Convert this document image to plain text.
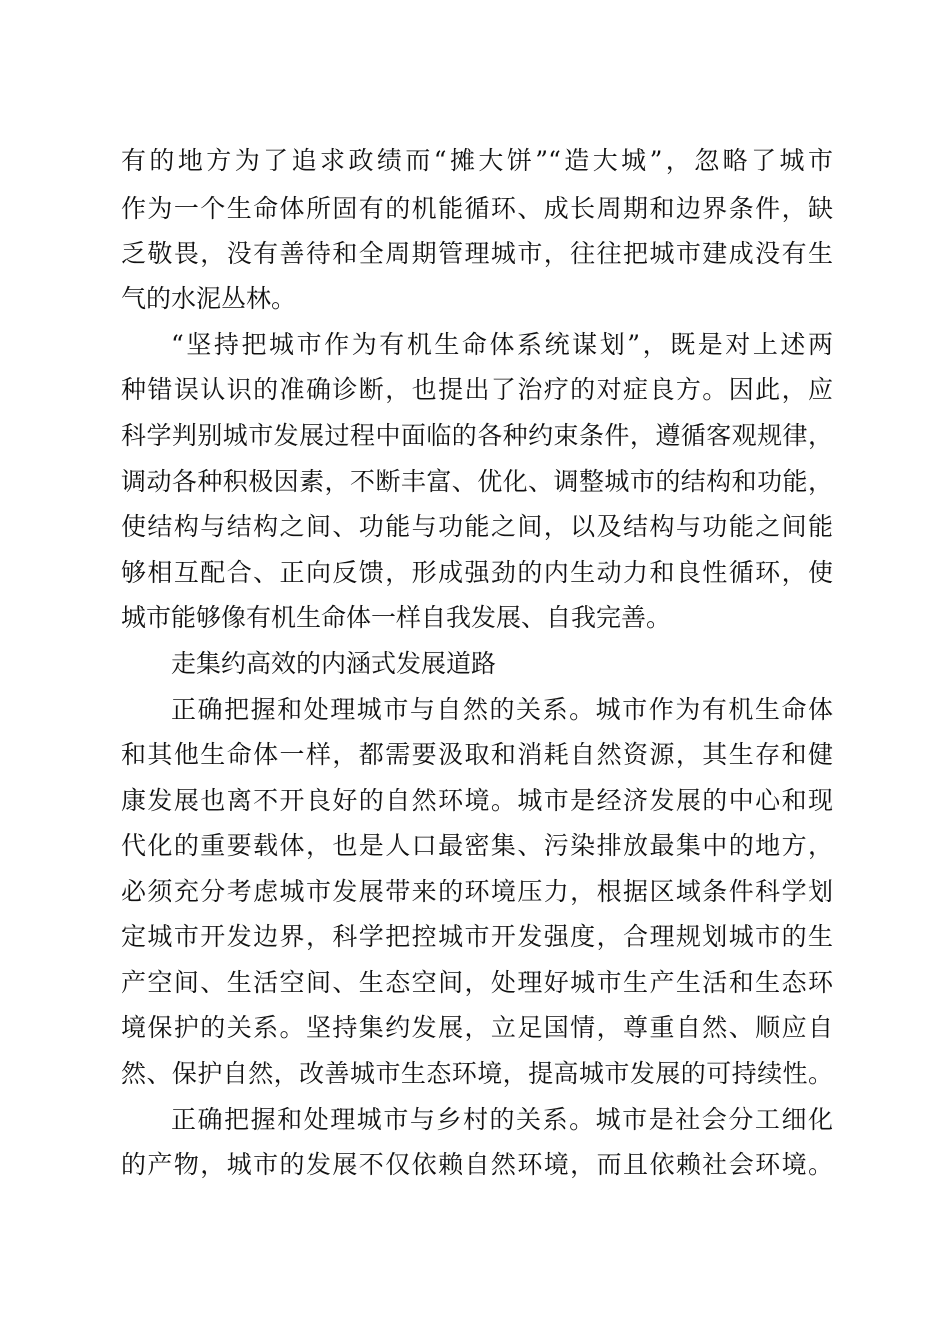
有的地方为了追求政绩而“摊大饼”“造大城”，忽略了城市
作为一个生命体所固有的机能循环、成长周期和边界条件，缺
乏敬畏，没有善待和全周期管理城市，往往把城市建成没有生
气的水泥丛林。
“坚持把城市作为有机生命体系统谋划”，既是对上述两
种错误认识的准确诊断，也提出了治疗的对症良方。因此，应
科学判别城市发展过程中面临的各种约束条件，遵循客观规律，
调动各种积极因素，不断丰富、优化、调整城市的结构和功能，
使结构与结构之间、功能与功能之间，以及结构与功能之间能
够相互配合、正向反馈，形成强劲的内生动力和良性循环，使
城市能够像有机生命体一样自我发展、自我完善。
走集约高效的内涵式发展道路
正确把握和处理城市与自然的关系。城市作为有机生命体
和其他生命体一样，都需要汲取和消耗自然资源，其生存和健
康发展也离不开良好的自然环境。城市是经济发展的中心和现
代化的重要载体，也是人口最密集、污染排放最集中的地方，
必须充分考虑城市发展带来的环境压力，根据区域条件科学划
定城市开发边界，科学把控城市开发强度，合理规划城市的生
产空间、生活空间、生态空间，处理好城市生产生活和生态环
境保护的关系。坚持集约发展，立足国情，尊重自然、顺应自
然、保护自然，改善城市生态环境，提高城市发展的可持续性。
正确把握和处理城市与乡村的关系。城市是社会分工细化
的产物，城市的发展不仅依赖自然环境，而且依赖社会环境。
